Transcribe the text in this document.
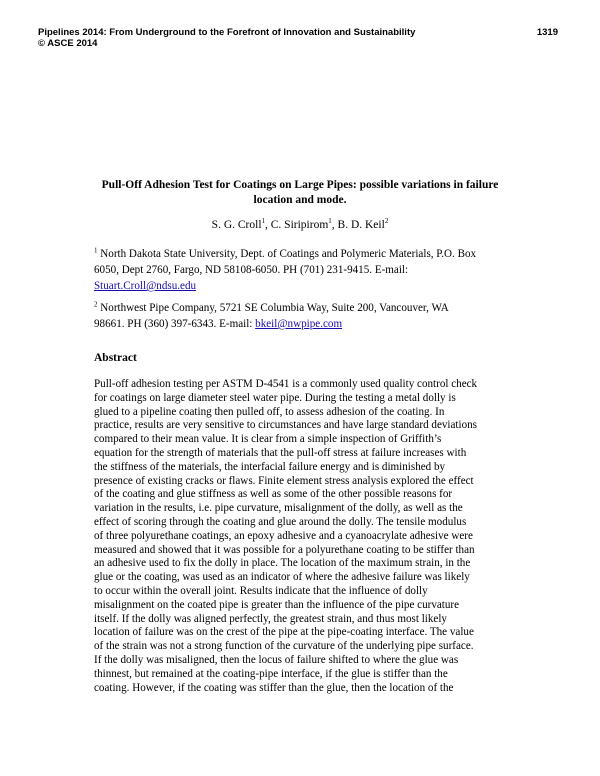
Pipelines 2014: From Underground to the Forefront of Innovation and Sustainability	1319
© ASCE 2014
Pull-Off Adhesion Test for Coatings on Large Pipes: possible variations in failure
location and mode.
S. G. Croll$^1$, C. Siripirom$^1$, B. D. Keil$^2$
$^1$ North Dakota State University, Dept. of Coatings and Polymeric Materials, P.O. Box
6050, Dept 2760, Fargo, ND 58108-6050. PH (701) 231-9415. E-mail:
Stuart.Croll@ndsu.edu
$^2$ Northwest Pipe Company, 5721 SE Columbia Way, Suite 200, Vancouver, WA
98661. PH (360) 397-6343. E-mail: bkeil@nwpipe.com
Abstract
Pull-off adhesion testing per ASTM D-4541 is a commonly used quality control check
for coatings on large diameter steel water pipe. During the testing a metal dolly is
glued to a pipeline coating then pulled off, to assess adhesion of the coating. In
practice, results are very sensitive to circumstances and have large standard deviations
compared to their mean value. It is clear from a simple inspection of Griffith’s
equation for the strength of materials that the pull-off stress at failure increases with
the stiffness of the materials, the interfacial failure energy and is diminished by
presence of existing cracks or flaws. Finite element stress analysis explored the effect
of the coating and glue stiffness as well as some of the other possible reasons for
variation in the results, i.e. pipe curvature, misalignment of the dolly, as well as the
effect of scoring through the coating and glue around the dolly. The tensile modulus
of three polyurethane coatings, an epoxy adhesive and a cyanoacrylate adhesive were
measured and showed that it was possible for a polyurethane coating to be stiffer than
an adhesive used to fix the dolly in place. The location of the maximum strain, in the
glue or the coating, was used as an indicator of where the adhesive failure was likely
to occur within the overall joint. Results indicate that the influence of dolly
misalignment on the coated pipe is greater than the influence of the pipe curvature
itself. If the dolly was aligned perfectly, the greatest strain, and thus most likely
location of failure was on the crest of the pipe at the pipe-coating interface. The value
of the strain was not a strong function of the curvature of the underlying pipe surface.
If the dolly was misaligned, then the locus of failure shifted to where the glue was
thinnest, but remained at the coating-pipe interface, if the glue is stiffer than the
coating. However, if the coating was stiffer than the glue, then the location of the
